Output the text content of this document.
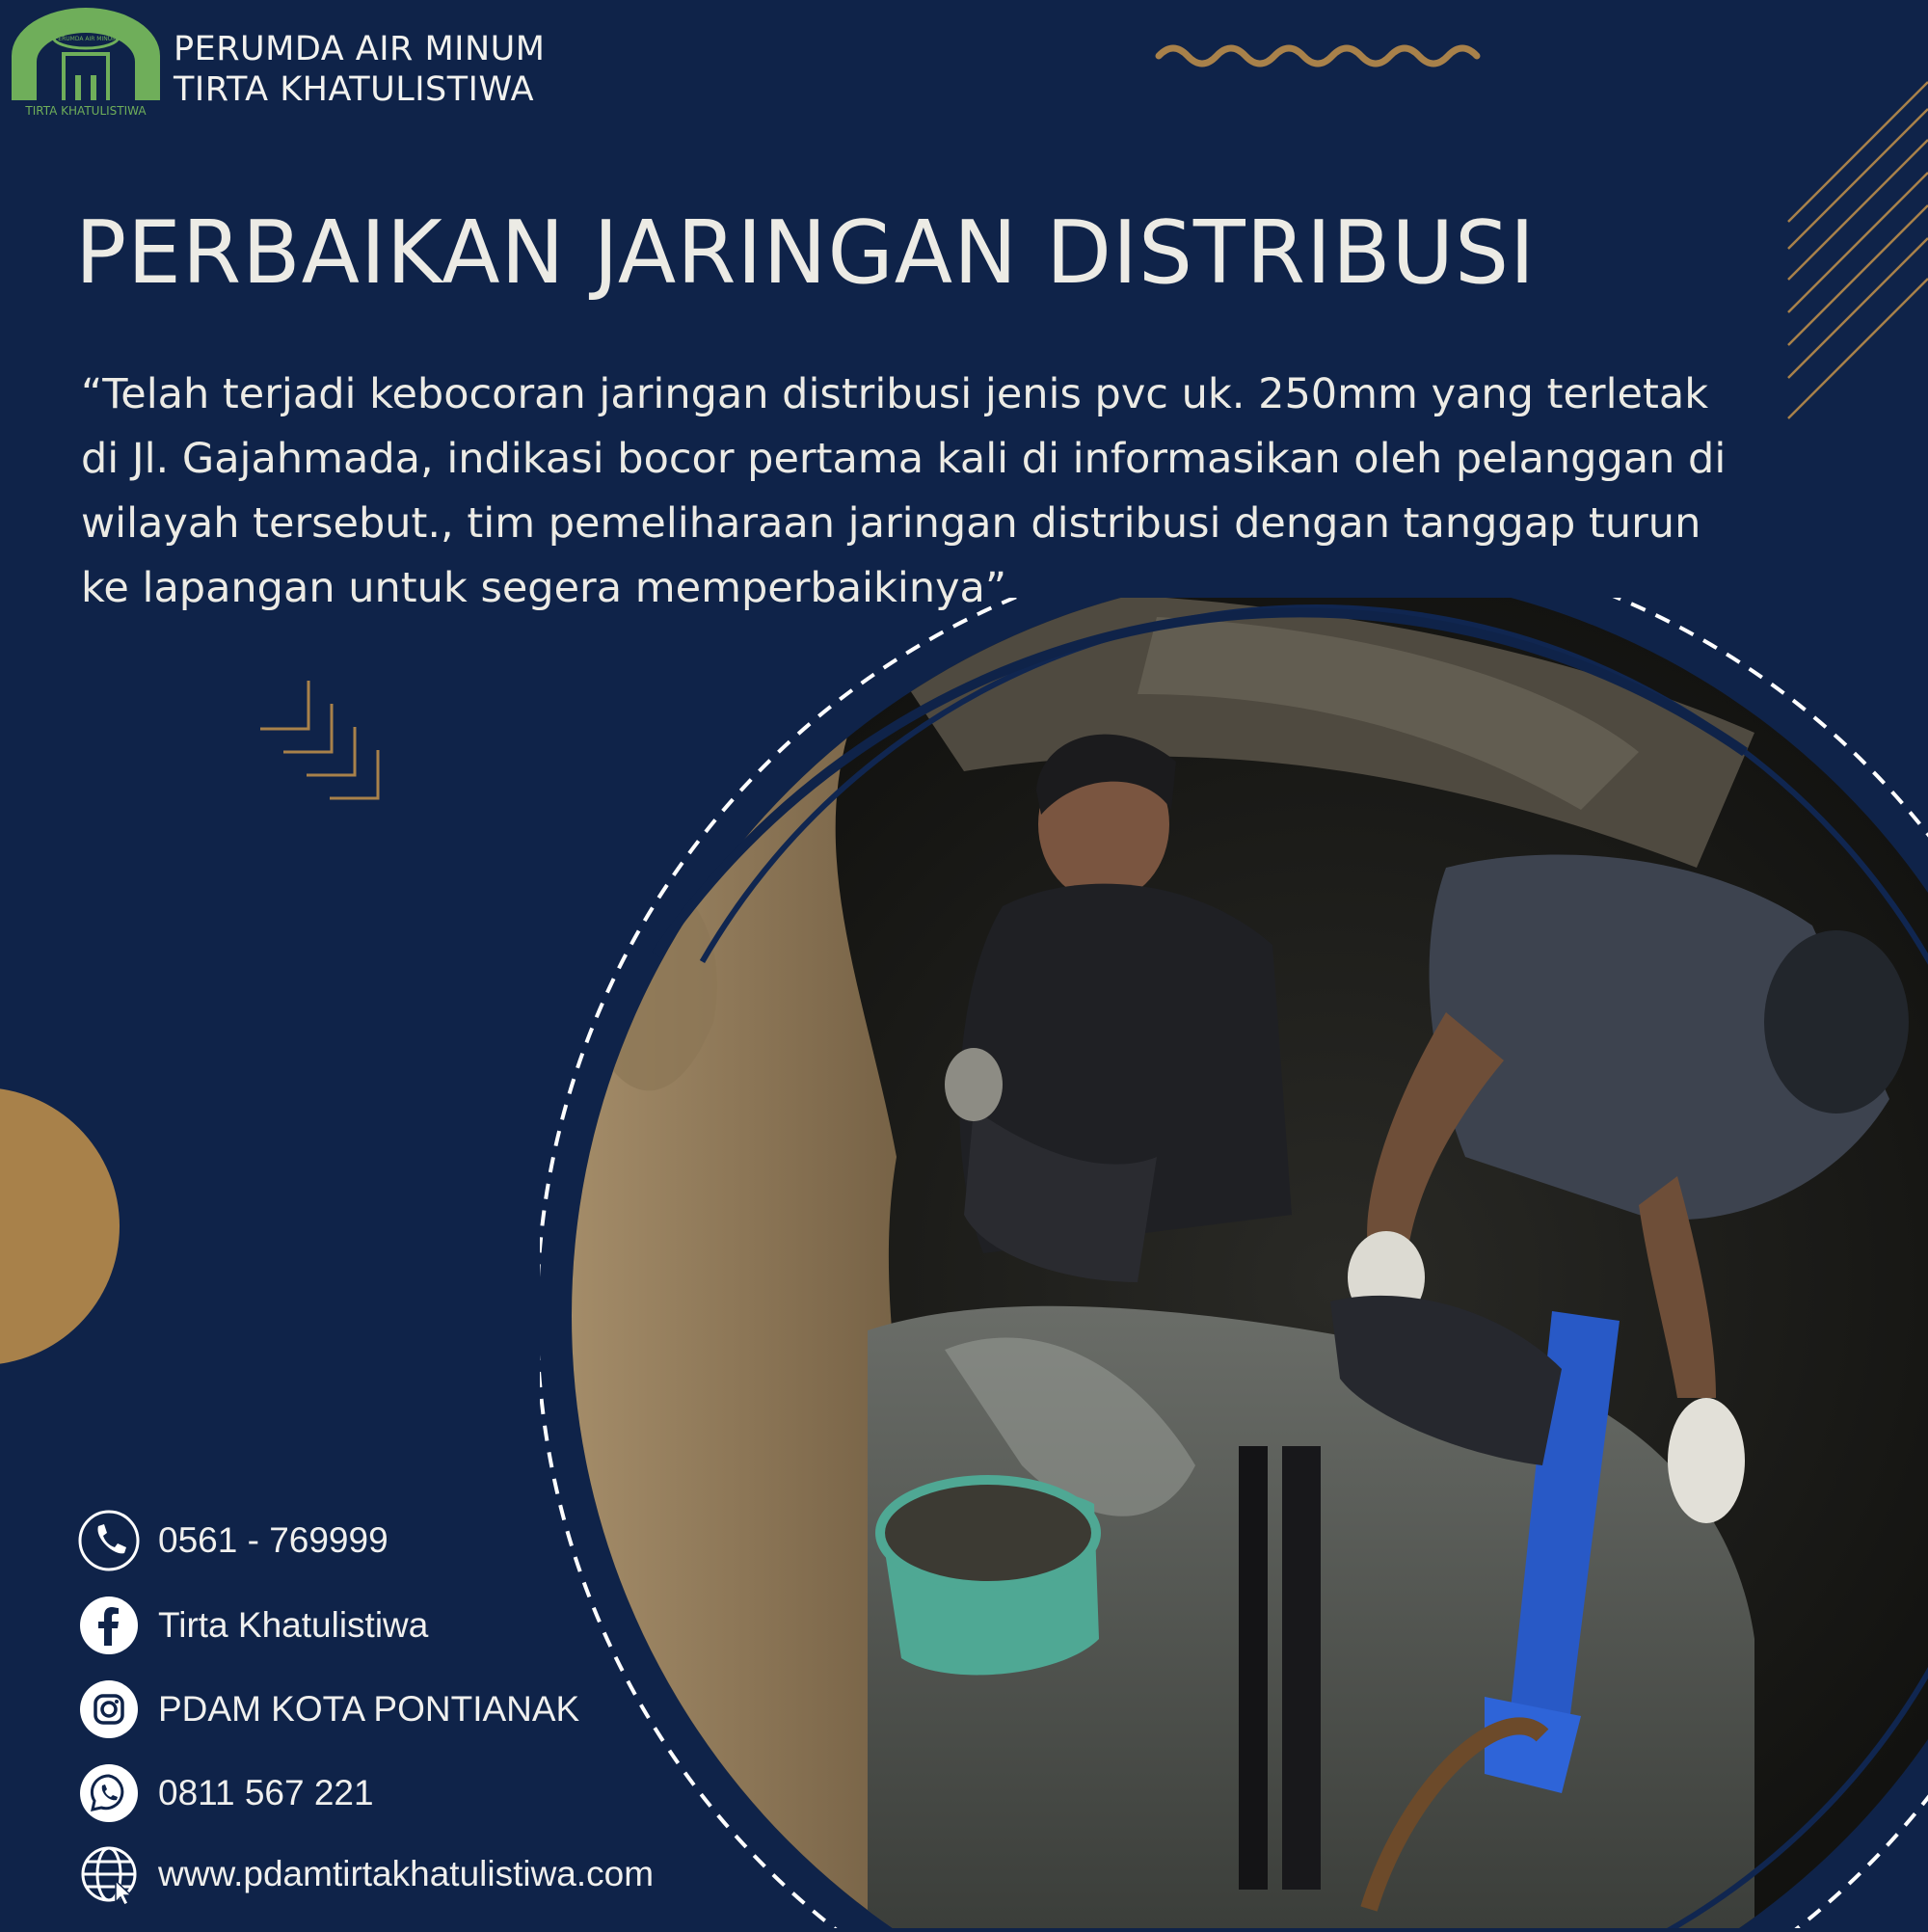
PERUMDA AIR MINUM
TIRTA KHATULISTIWA
PERUMDA AIR MINUM
TIRTA KHATULISTIWA
PERBAIKAN JARINGAN DISTRIBUSI

“Telah terjadi kebocoran jaringan distribusi jenis pvc uk. 250mm yang terletak di Jl. Gajahmada, indikasi bocor pertama kali di informasikan oleh pelanggan di wilayah tersebut., tim pemeliharaan jaringan distribusi dengan tanggap turun ke lapangan untuk segera memperbaikinya”

0561 - 769999
Tirta Khatulistiwa
PDAM KOTA PONTIANAK
0811 567 221
www.pdamtirtakhatulistiwa.com
